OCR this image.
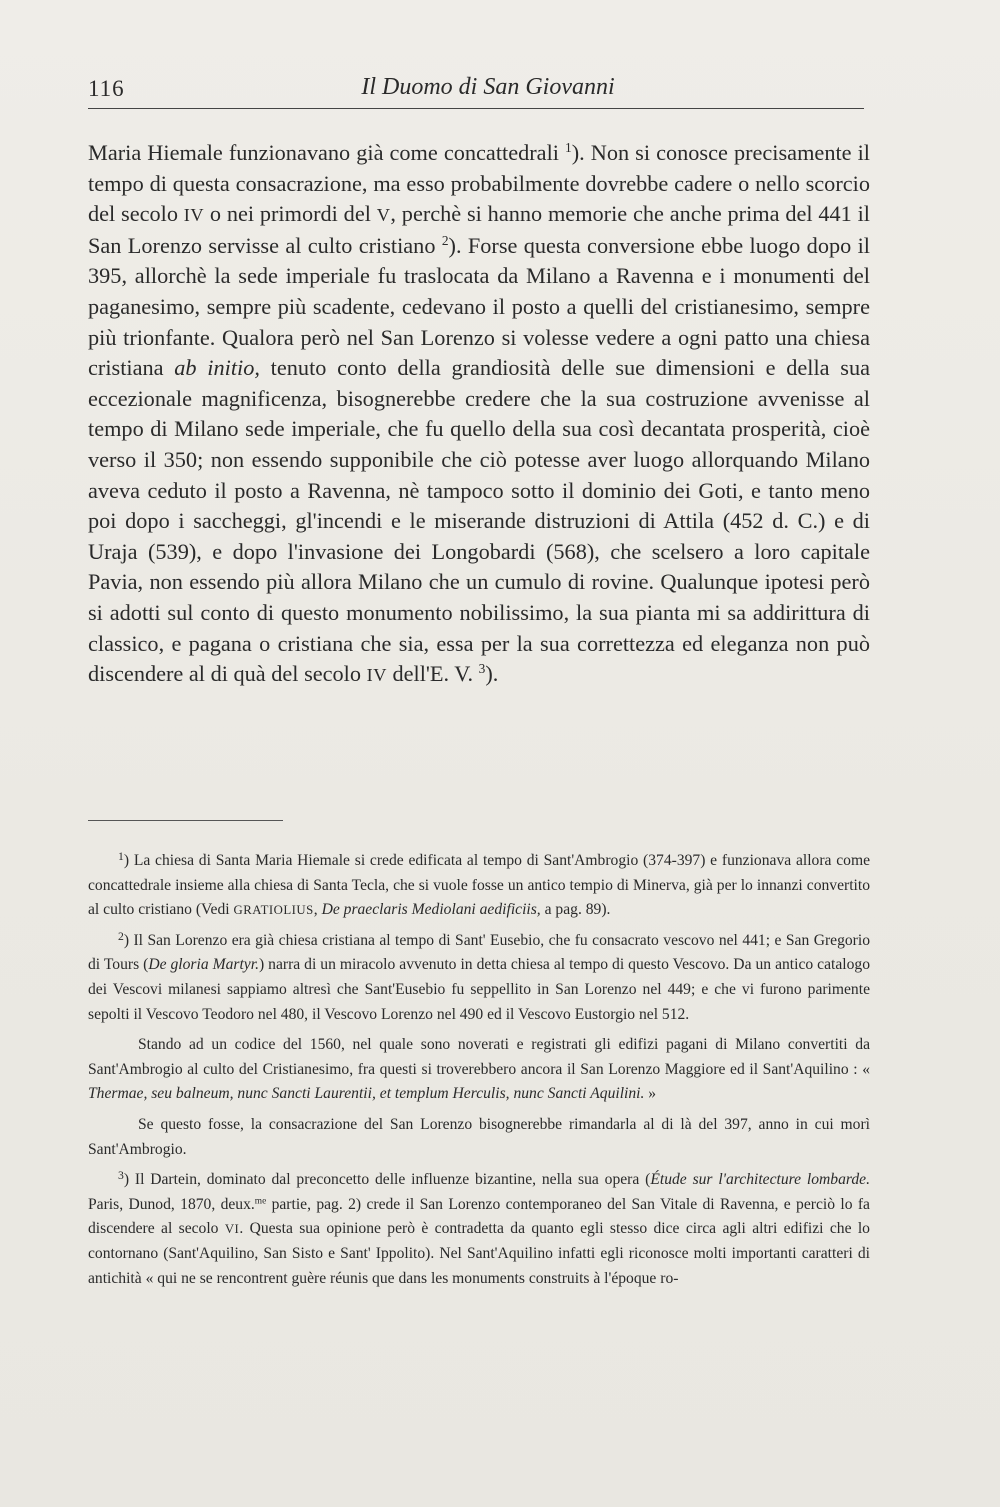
116	Il Duomo di San Giovanni

Maria Hiemale funzionavano già come concattedrali $^1$). Non si conosce precisamente il tempo di questa consacrazione, ma esso probabilmente dovrebbe cadere o nello scorcio del secolo IV o nei primordi del V, perchè si hanno memorie che anche prima del 441 il San Lorenzo servisse al culto cristiano $^2$). Forse questa conversione ebbe luogo dopo il 395, allorchè la sede imperiale fu traslocata da Milano a Ravenna e i monumenti del paganesimo, sempre più scadente, cedevano il posto a quelli del cristianesimo, sempre più trionfante. Qualora però nel San Lorenzo si volesse vedere a ogni patto una chiesa cristiana ab initio, tenuto conto della grandiosità delle sue dimensioni e della sua eccezionale magnificenza, bisognerebbe credere che la sua costruzione avvenisse al tempo di Milano sede imperiale, che fu quello della sua così decantata prosperità, cioè verso il 350; non essendo supponibile che ciò potesse aver luogo allorquando Milano aveva ceduto il posto a Ravenna, nè tampoco sotto il dominio dei Goti, e tanto meno poi dopo i saccheggi, gl'incendi e le miserande distruzioni di Attila (452 d. C.) e di Uraja (539), e dopo l'invasione dei Longobardi (568), che scelsero a loro capitale Pavia, non essendo più allora Milano che un cumulo di rovine. Qualunque ipotesi però si adotti sul conto di questo monumento nobilissimo, la sua pianta mi sa addirittura di classico, e pagana o cristiana che sia, essa per la sua correttezza ed eleganza non può discendere al di quà del secolo IV dell'E. V. $^3$).

$^1$) La chiesa di Santa Maria Hiemale si crede edificata al tempo di Sant'Ambrogio (374-397) e funzionava allora come concattedrale insieme alla chiesa di Santa Tecla, che si vuole fosse un antico tempio di Minerva, già per lo innanzi convertito al culto cristiano (Vedi GRATIOLIUS, De praeclaris Mediolani aedificiis, a pag. 89).

$^2$) Il San Lorenzo era già chiesa cristiana al tempo di Sant' Eusebio, che fu consacrato vescovo nel 441; e San Gregorio di Tours (De gloria Martyr.) narra di un miracolo avvenuto in detta chiesa al tempo di questo Vescovo. Da un antico catalogo dei Vescovi milanesi sappiamo altresì che Sant'Eusebio fu seppellito in San Lorenzo nel 449; e che vi furono parimente sepolti il Vescovo Teodoro nel 480, il Vescovo Lorenzo nel 490 ed il Vescovo Eustorgio nel 512.

Stando ad un codice del 1560, nel quale sono noverati e registrati gli edifizi pagani di Milano convertiti da Sant'Ambrogio al culto del Cristianesimo, fra questi si troverebbero ancora il San Lorenzo Maggiore ed il Sant'Aquilino : « Thermae, seu balneum, nunc Sancti Laurentii, et templum Herculis, nunc Sancti Aquilini. »

Se questo fosse, la consacrazione del San Lorenzo bisognerebbe rimandarla al di là del 397, anno in cui morì Sant'Ambrogio.

$^3$) Il Dartein, dominato dal preconcetto delle influenze bizantine, nella sua opera (Étude sur l'architecture lombarde. Paris, Dunod, 1870, deux.$^{me}$ partie, pag. 2) crede il San Lorenzo contemporaneo del San Vitale di Ravenna, e perciò lo fa discendere al secolo VI. Questa sua opinione però è contradetta da quanto egli stesso dice circa agli altri edifizi che lo contornano (Sant'Aquilino, San Sisto e Sant' Ippolito). Nel Sant'Aquilino infatti egli riconosce molti importanti caratteri di antichità « qui ne se rencontrent guère réunis que dans les monuments construits à l'époque ro-
